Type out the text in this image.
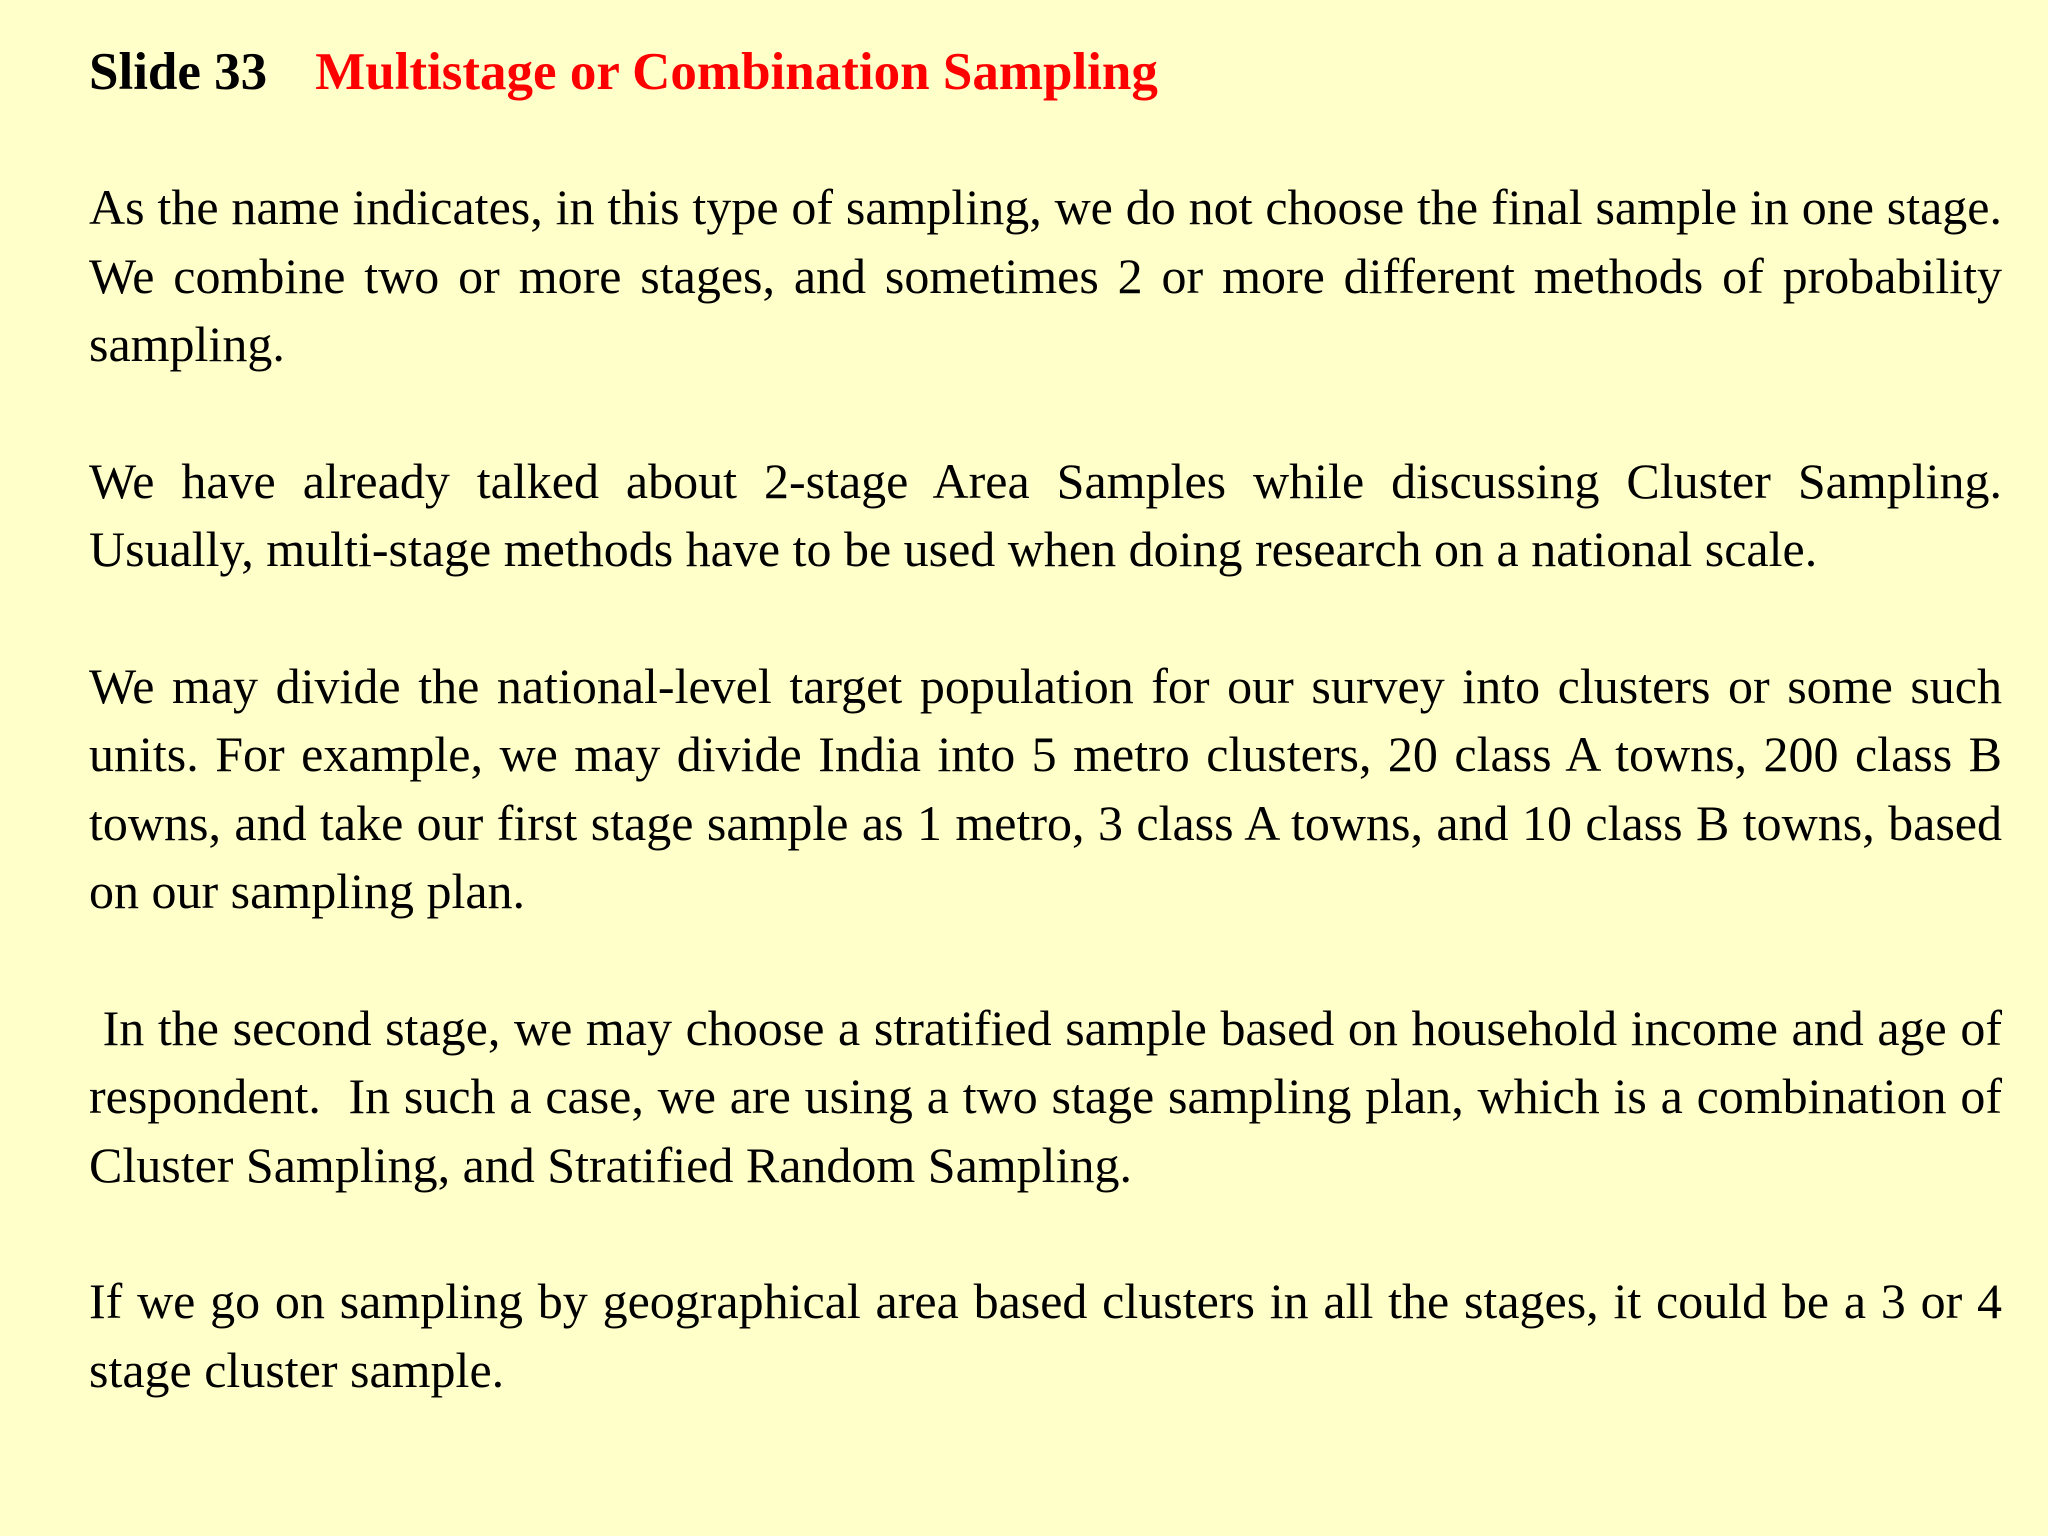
Slide 33 Multistage or Combination Sampling

As the name indicates, in this type of sampling, we do not choose the final sample in one stage. We combine two or more stages, and sometimes 2 or more different methods of probability sampling.

We have already talked about 2-stage Area Samples while discussing Cluster Sampling. Usually, multi-stage methods have to be used when doing research on a national scale.

We may divide the national-level target population for our survey into clusters or some such units. For example, we may divide India into 5 metro clusters, 20 class A towns, 200 class B towns, and take our first stage sample as 1 metro, 3 class A towns, and 10 class B towns, based on our sampling plan.

In the second stage, we may choose a stratified sample based on household income and age of respondent.  In such a case, we are using a two stage sampling plan, which is a combination of Cluster Sampling, and Stratified Random Sampling.

If we go on sampling by geographical area based clusters in all the stages, it could be a 3 or 4 stage cluster sample.
